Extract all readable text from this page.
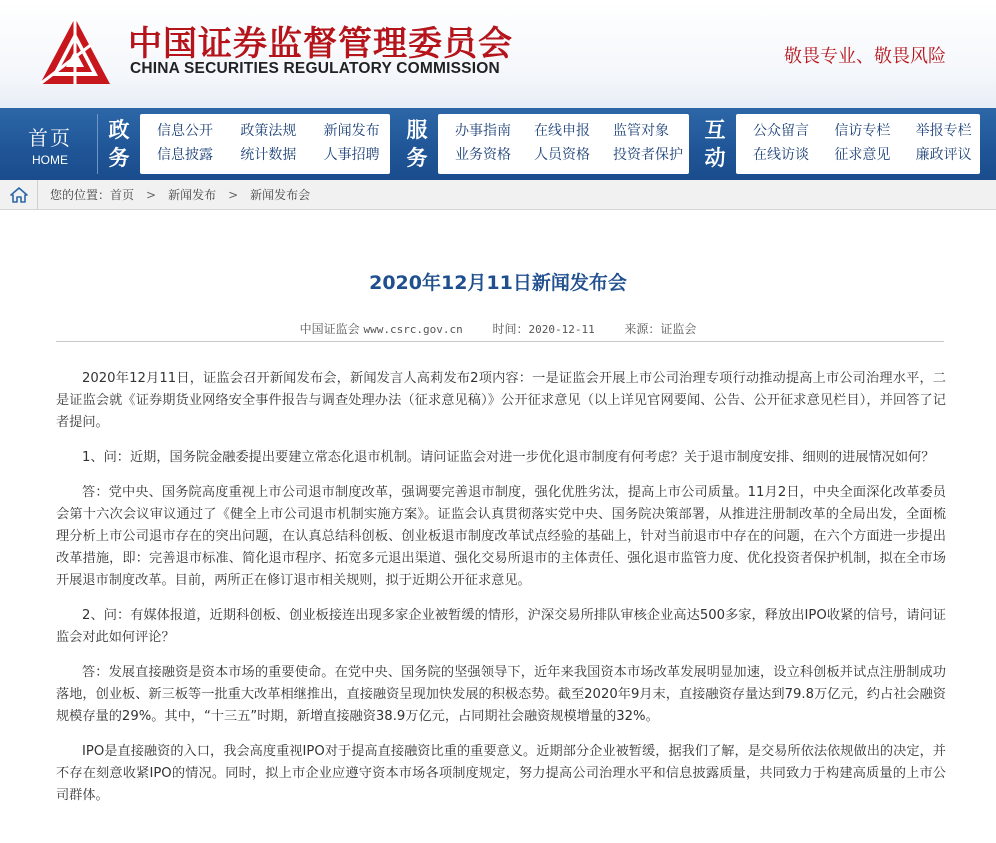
中国证券监督管理委员会
CHINA SECURITIES REGULATORY COMMISSION
敬畏专业、敬畏风险
首页
HOME
政务
信息公开	政策法规	新闻发布
信息披露	统计数据	人事招聘
服务
办事指南	在线申报	监管对象
业务资格	人员资格	投资者保护
互动
公众留言	信访专栏	举报专栏
在线访谈	征求意见	廉政评议
您的位置： 首页 > 新闻发布 > 新闻发布会
2020年12月11日新闻发布会
中国证监会 www.csrc.gov.cn 时间：2020-12-11 来源：证监会

2020年12月11日，证监会召开新闻发布会，新闻发言人高莉发布2项内容：一是证监会开展上市公司治理专项行动推动提高上市公司治理水平，二是证监会就《证券期货业网络安全事件报告与调查处理办法（征求意见稿）》公开征求意见（以上详见官网要闻、公告、公开征求意见栏目），并回答了记者提问。

1、问：近期，国务院金融委提出要建立常态化退市机制。请问证监会对进一步优化退市制度有何考虑？关于退市制度安排、细则的进展情况如何？

答：党中央、国务院高度重视上市公司退市制度改革，强调要完善退市制度，强化优胜劣汰，提高上市公司质量。11月2日，中央全面深化改革委员会第十六次会议审议通过了《健全上市公司退市机制实施方案》。证监会认真贯彻落实党中央、国务院决策部署，从推进注册制改革的全局出发，全面梳理分析上市公司退市存在的突出问题，在认真总结科创板、创业板退市制度改革试点经验的基础上，针对当前退市中存在的问题，在六个方面进一步提出改革措施，即：完善退市标准、简化退市程序、拓宽多元退出渠道、强化交易所退市的主体责任、强化退市监管力度、优化投资者保护机制，拟在全市场开展退市制度改革。目前，两所正在修订退市相关规则，拟于近期公开征求意见。

2、问：有媒体报道，近期科创板、创业板接连出现多家企业被暂缓的情形，沪深交易所排队审核企业高达500多家，释放出IPO收紧的信号，请问证监会对此如何评论？

答：发展直接融资是资本市场的重要使命。在党中央、国务院的坚强领导下，近年来我国资本市场改革发展明显加速，设立科创板并试点注册制成功落地，创业板、新三板等一批重大改革相继推出，直接融资呈现加快发展的积极态势。截至2020年9月末，直接融资存量达到79.8万亿元，约占社会融资规模存量的29%。其中，“十三五”时期，新增直接融资38.9万亿元，占同期社会融资规模增量的32%。

IPO是直接融资的入口，我会高度重视IPO对于提高直接融资比重的重要意义。近期部分企业被暂缓，据我们了解，是交易所依法依规做出的决定，并不存在刻意收紧IPO的情况。同时，拟上市企业应遵守资本市场各项制度规定，努力提高公司治理水平和信息披露质量，共同致力于构建高质量的上市公司群体。
